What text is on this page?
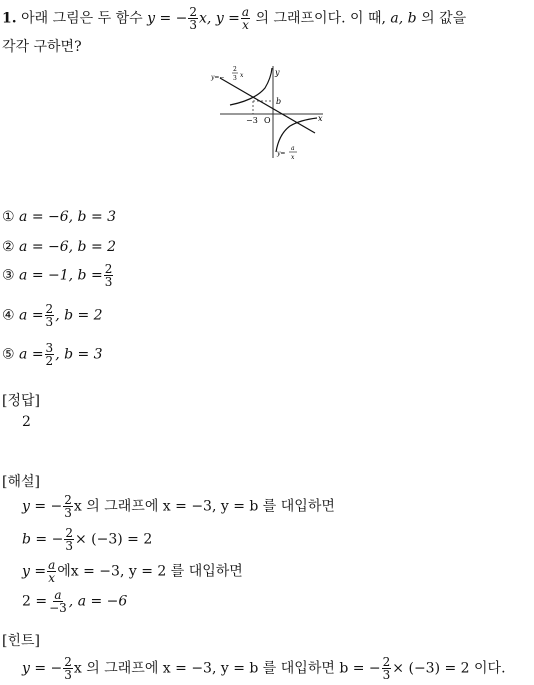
1. 아래 그림은 두 함수 y = − $\frac{2}{3} x$, $y = \frac{a}{x}$ 의 그래프이다. 이 때, a, b 의 값을
각각 구하면?
y
x
O
−3
b
y=−
2
3 x
y=
a
x
① a = −6, b = 3
② a = −6, b = 2
③ a = −1, $b = \frac{2}{3}$
④ $a = \frac{2}{3}$ , b = 2
⑤ $a = \frac{3}{2}$ , b = 3
[정답]
2
[해설]
y = − $\frac{2}{3}$ x 의 그래프에 x = −3, y = b 를 대입하면
b = − $\frac{2}{3} \times (-3) = 2$
$y = \frac{a}{x}$ 에x = −3, y = 2 를 대입하면
$2 = \frac{a}{-3}$ , a = −6
[힌트]
y = − $\frac{2}{3}$ x 의 그래프에 x = −3, y = b 를 대입하면 b = − $\frac{2}{3} \times (-3) = 2$ 이다.
